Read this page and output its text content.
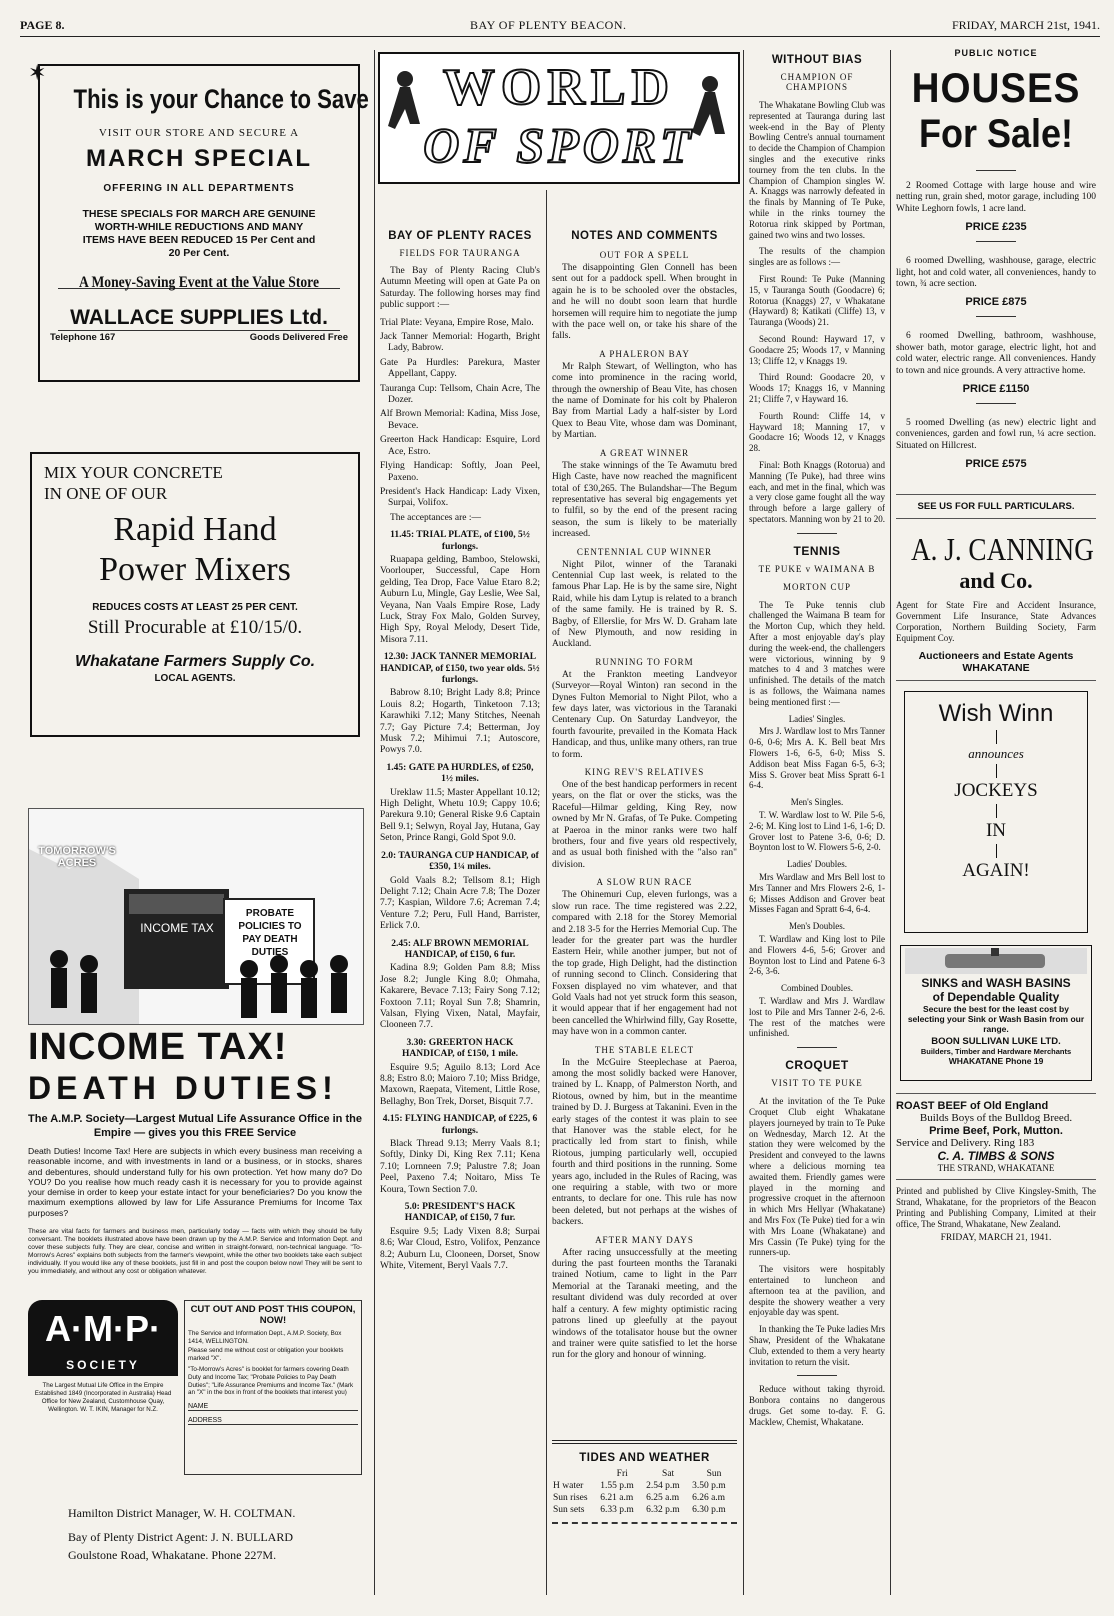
PAGE 8.	BAY OF PLENTY BEACON.	FRIDAY, MARCH 21st, 1941.
✶
This is your Chance to Save
VISIT OUR STORE AND SECURE A
MARCH SPECIAL
OFFERING IN ALL DEPARTMENTS
THESE SPECIALS FOR MARCH ARE GENUINE
WORTH-WHILE REDUCTIONS AND MANY
ITEMS HAVE BEEN REDUCED 15 Per Cent and
20 Per Cent.
A Money-Saving Event at the Value Store
WALLACE SUPPLIES Ltd.
Telephone 167	Goods Delivered Free
MIX YOUR CONCRETE
IN ONE OF OUR
Rapid Hand
Power Mixers
REDUCES COSTS AT LEAST 25 PER CENT.
Still Procurable at £10/15/0.
Whakatane Farmers Supply Co.
LOCAL AGENTS.
TOMORROW'S ACRES
INCOME TAX
PROBATE POLICIES TO PAY DEATH DUTIES
INCOME TAX!
DEATH DUTIES!
The A.M.P. Society—Largest Mutual Life Assurance Office in the Empire — gives you this FREE Service
Death Duties! Income Tax! Here are subjects in which every business man receiving a reasonable income, and with investments in land or a business, or in stocks, shares and debentures, should understand fully for his own protection. Yet how many do? Do YOU? Do you realise how much ready cash it is necessary for you to provide against your demise in order to keep your estate intact for your beneficiaries? Do you know the maximum exemptions allowed by law for Life Assurance Premiums for Income Tax purposes?
These are vital facts for farmers and business men, particularly today — facts with which they should be fully conversant. The booklets illustrated above have been drawn up by the A.M.P. Service and Information Dept. and cover these subjects fully. They are clear, concise and written in straight-forward, non-technical language. "To-Morrow's Acres" explains both subjects from the farmer's viewpoint, while the other two booklets take each subject individually. If you would like any of these booklets, just fill in and post the coupon below now! They will be sent to you immediately, and without any cost or obligation whatever.
A·M·P·
SOCIETY
The Largest Mutual Life Office in the Empire Established 1849 (Incorporated in Australia) Head Office for New Zealand, Customhouse Quay, Wellington. W. T. IKIN, Manager for N.Z.
CUT OUT AND POST THIS COUPON, NOW!
The Service and Information Dept., A.M.P. Society, Box 1414, WELLINGTON.
Please send me without cost or obligation your booklets marked "X".
"To-Morrow's Acres" is booklet for farmers covering Death Duty and Income Tax; "Probate Policies to Pay Death Duties"; "Life Assurance Premiums and Income Tax." (Mark an "X" in the box in front of the booklets that interest you)
NAME
ADDRESS
Hamilton District Manager, W. H. COLTMAN.
Bay of Plenty District Agent: J. N. BULLARD
Goulstone Road, Whakatane. Phone 227M.
WORLD
OF SPORT
BAY OF PLENTY RACES
FIELDS FOR TAURANGA

The Bay of Plenty Racing Club's Autumn Meeting will open at Gate Pa on Saturday. The following horses may find public support :—

Trial Plate: Veyana, Empire Rose, Malo.
Jack Tanner Memorial: Hogarth, Bright Lady, Babrow.
Gate Pa Hurdles: Parekura, Master Appellant, Cappy.
Tauranga Cup: Tellsom, Chain Acre, The Dozer.
Alf Brown Memorial: Kadina, Miss Jose, Bevace.
Greerton Hack Handicap: Esquire, Lord Ace, Estro.
Flying Handicap: Softly, Joan Peel, Paxeno.
President's Hack Handicap: Lady Vixen, Surpai, Volifox.

The acceptances are :—

11.45: TRIAL PLATE, of £100, 5½ furlongs.

Ruapapa gelding, Bamboo, Stelowski, Voorlouper, Successful, Cape Horn gelding, Tea Drop, Face Value Etaro 8.2; Auburn Lu, Mingle, Gay Leslie, Wee Sal, Veyana, Nan Vaals Empire Rose, Lady Luck, Stray Fox Malo, Golden Survey, High Spy, Royal Melody, Desert Tide, Misora 7.11.

12.30: JACK TANNER MEMORIAL HANDICAP, of £150, two year olds. 5½ furlongs.

Babrow 8.10; Bright Lady 8.8; Prince Louis 8.2; Hogarth, Tinketoon 7.13; Karawhiki 7.12; Many Stitches, Neenah 7.7; Gay Picture 7.4; Betterman, Joy Musk 7.2; Mihimui 7.1; Autoscore, Powys 7.0.

1.45: GATE PA HURDLES, of £250, 1½ miles.

Ureklaw 11.5; Master Appellant 10.12; High Delight, Whetu 10.9; Cappy 10.6; Parekura 9.10; General Riske 9.6 Captain Bell 9.1; Selwyn, Royal Jay, Hutana, Gay Seton, Prince Rangi, Gold Spot 9.0.

2.0: TAURANGA CUP HANDICAP, of £350, 1¼ miles.

Gold Vaals 8.2; Tellsom 8.1; High Delight 7.12; Chain Acre 7.8; The Dozer 7.7; Kaspian, Wildore 7.6; Acreman 7.4; Venture 7.2; Peru, Full Hand, Barrister, Erlick 7.0.

2.45: ALF BROWN MEMORIAL HANDICAP, of £150, 6 fur.

Kadina 8.9; Golden Pam 8.8; Miss Jose 8.2; Jungle King 8.0; Ohmaha, Kakarere, Bevace 7.13; Fairy Song 7.12; Foxtoon 7.11; Royal Sun 7.8; Shamrin, Valsan, Flying Vixen, Natal, Mayfair, Clooneen 7.7.

3.30: GREERTON HACK HANDICAP, of £150, 1 mile.

Esquire 9.5; Aguilo 8.13; Lord Ace 8.8; Estro 8.0; Maioro 7.10; Miss Bridge, Maxown, Raepata, Vitement, Little Rose, Bellaghy, Bon Trek, Dorset, Bisquit 7.7.

4.15: FLYING HANDICAP, of £225, 6 furlongs.

Black Thread 9.13; Merry Vaals 8.1; Softly, Dinky Di, King Rex 7.11; Kena 7.10; Lornneen 7.9; Palustre 7.8; Joan Peel, Paxeno 7.4; Noitaro, Miss Te Koura, Town Section 7.0.

5.0: PRESIDENT'S HACK HANDICAP, of £150, 7 fur.

Esquire 9.5; Lady Vixen 8.8; Surpai 8.6; War Cloud, Estro, Volifox, Penzance 8.2; Auburn Lu, Clooneen, Dorset, Snow White, Vitement, Beryl Vaals 7.7.

NOTES AND COMMENTS
OUT FOR A SPELL

The disappointing Glen Connell has been sent out for a paddock spell. When brought in again he is to be schooled over the obstacles, and he will no doubt soon learn that hurdle horsemen will require him to negotiate the jump with the pace well on, or take his share of the falls.

A PHALERON BAY

Mr Ralph Stewart, of Wellington, who has come into prominence in the racing world, through the ownership of Beau Vite, has chosen the name of Dominate for his colt by Phaleron Bay from Martial Lady a half-sister by Lord Quex to Beau Vite, whose dam was Dominant, by Martian.

A GREAT WINNER

The stake winnings of the Te Awamutu bred High Caste, have now reached the magnificent total of £30,265. The Bulandshar—The Begum representative has several big engagements yet to fulfil, so by the end of the present racing season, the sum is likely to be materially increased.

CENTENNIAL CUP WINNER

Night Pilot, winner of the Taranaki Centennial Cup last week, is related to the famous Phar Lap. He is by the same sire, Night Raid, while his dam Lytup is related to a branch of the same family. He is trained by R. S. Bagby, of Ellerslie, for Mrs W. D. Graham late of New Plymouth, and now residing in Auckland.

RUNNING TO FORM

At the Frankton meeting Landveyor (Surveyor—Royal Winton) ran second in the Dynes Fulton Memorial to Night Pilot, who a few days later, was victorious in the Taranaki Centenary Cup. On Saturday Landveyor, the fourth favourite, prevailed in the Komata Hack Handicap, and thus, unlike many others, ran true to form.

KING REV'S RELATIVES

One of the best handicap performers in recent years, on the flat or over the sticks, was the Raceful—Hilmar gelding, King Rey, now owned by Mr N. Grafas, of Te Puke. Competing at Paeroa in the minor ranks were two half brothers, four and five years old respectively, and as usual both finished with the "also ran" division.

A SLOW RUN RACE

The Ohinemuri Cup, eleven furlongs, was a slow run race. The time registered was 2.22, compared with 2.18 for the Storey Memorial and 2.18 3-5 for the Herries Memorial Cup. The leader for the greater part was the hurdler Eastern Heir, while another jumper, but not of the top grade, High Delight, had the distinction of running second to Clinch. Considering that Foxsen displayed no vim whatever, and that Gold Vaals had not yet struck form this season, it would appear that if her engagement had not been cancelled the Whirlwind filly, Gay Rosette, may have won in a common canter.

THE STABLE ELECT

In the McGuire Steeplechase at Paeroa, among the most solidly backed were Hanover, trained by L. Knapp, of Palmerston North, and Riotous, owned by him, but in the meantime trained by D. J. Burgess at Takanini. Even in the early stages of the contest it was plain to see that Hanover was the stable elect, for he practically led from start to finish, while Riotous, jumping particularly well, occupied fourth and third positions in the running. Some years ago, included in the Rules of Racing, was one requiring a stable, with two or more entrants, to declare for one. This rule has now been deleted, but not perhaps at the wishes of backers.

AFTER MANY DAYS

After racing unsuccessfully at the meeting during the past fourteen months the Taranaki trained Notium, came to light in the Parr Memorial at the Taranaki meeting, and the resultant dividend was duly recorded at over half a century. A few mighty optimistic racing patrons lined up gleefully at the payout windows of the totalisator house but the owner and trainer were quite satisfied to let the horse run for the glory and honour of winning.

TIDES AND WEATHER
	Fri	Sat	Sun
H water	1.55 p.m	2.54 p.m	3.50 p.m
Sun rises	6.21 a.m	6.25 a.m	6.26 a.m
Sun sets	6.33 p.m	6.32 p.m	6.30 p.m
WITHOUT BIAS
CHAMPION OF CHAMPIONS

The Whakatane Bowling Club was represented at Tauranga during last week-end in the Bay of Plenty Bowling Centre's annual tournament to decide the Champion of Champion singles and the executive rinks tourney from the ten clubs. In the Champion of Champion singles W. A. Knaggs was narrowly defeated in the finals by Manning of Te Puke, while in the rinks tourney the Rotorua rink skipped by Portman, gained two wins and two losses.

The results of the champion singles are as follows :—

First Round: Te Puke (Manning 15, v Tauranga South (Goodacre) 6; Rotorua (Knaggs) 27, v Whakatane (Hayward) 8; Katikati (Cliffe) 13, v Tauranga (Woods) 21.

Second Round: Hayward 17, v Goodacre 25; Woods 17, v Manning 13; Cliffe 12, v Knaggs 19.

Third Round: Goodacre 20, v Woods 17; Knaggs 16, v Manning 21; Cliffe 7, v Hayward 16.

Fourth Round: Cliffe 14, v Hayward 18; Manning 17, v Goodacre 16; Woods 12, v Knaggs 28.

Final: Both Knaggs (Rotorua) and Manning (Te Puke), had three wins each, and met in the final, which was a very close game fought all the way through before a large gallery of spectators. Manning won by 21 to 20.

TENNIS
TE PUKE v WAIMANA B
MORTON CUP

The Te Puke tennis club challenged the Waimana B team for the Morton Cup, which they held. After a most enjoyable day's play during the week-end, the challengers were victorious, winning by 9 matches to 4 and 3 matches were unfinished. The details of the match is as follows, the Waimana names being mentioned first :—

Ladies' Singles.

Mrs J. Wardlaw lost to Mrs Tanner 0-6, 0-6; Mrs A. K. Bell beat Mrs Flowers 1-6, 6-5, 6-0; Miss S. Addison beat Miss Fagan 6-5, 6-3; Miss S. Grover beat Miss Spratt 6-1 6-4.

Men's Singles.

T. W. Wardlaw lost to W. Pile 5-6, 2-6; M. King lost to Lind 1-6, 1-6; D. Grover lost to Patene 3-6, 0-6; D. Boynton lost to W. Flowers 5-6, 2-0.

Ladies' Doubles.

Mrs Wardlaw and Mrs Bell lost to Mrs Tanner and Mrs Flowers 2-6, 1-6; Misses Addison and Grover beat Misses Fagan and Spratt 6-4, 6-4.

Men's Doubles.

T. Wardlaw and King lost to Pile and Flowers 4-6, 5-6; Grover and Boynton lost to Lind and Patene 6-3 2-6, 3-6.

Combined Doubles.

T. Wardlaw and Mrs J. Wardlaw lost to Pile and Mrs Tanner 2-6, 2-6. The rest of the matches were unfinished.

CROQUET
VISIT TO TE PUKE

At the invitation of the Te Puke Croquet Club eight Whakatane players journeyed by train to Te Puke on Wednesday, March 12. At the station they were welcomed by the President and conveyed to the lawns where a delicious morning tea awaited them. Friendly games were played in the morning and progressive croquet in the afternoon in which Mrs Hellyar (Whakatane) and Mrs Fox (Te Puke) tied for a win with Mrs Loane (Whakatane) and Mrs Cassin (Te Puke) tying for the runners-up.

The visitors were hospitably entertained to luncheon and afternoon tea at the pavilion, and despite the showery weather a very enjoyable day was spent.

In thanking the Te Puke ladies Mrs Shaw, President of the Whakatane Club, extended to them a very hearty invitation to return the visit.

Reduce without taking thyroid. Bonbora contains no dangerous drugs. Get some to-day. F. G. Macklew, Chemist, Whakatane.

PUBLIC NOTICE
HOUSES
For Sale!

2 Roomed Cottage with large house and wire netting run, grain shed, motor garage, including 100 White Leghorn fowls, 1 acre land.

PRICE £235

6 roomed Dwelling, washhouse, garage, electric light, hot and cold water, all conveniences, handy to town, ¾ acre section.

PRICE £875

6 roomed Dwelling, bathroom, washhouse, shower bath, motor garage, electric light, hot and cold water, electric range. All conveniences. Handy to town and nice grounds. A very attractive home.

PRICE £1150

5 roomed Dwelling (as new) electric light and conveniences, garden and fowl run, ¼ acre section. Situated on Hillcrest.

PRICE £575
SEE US FOR FULL PARTICULARS.
A. J. CANNING
and Co.
Agent for State Fire and Accident Insurance, Government Life Insurance, State Advances Corporation, Northern Building Society, Farm Equipment Coy.
Auctioneers and Estate Agents
WHAKATANE
Wish Winn
announces
JOCKEYS
IN
AGAIN!
SINKS and WASH BASINS
of Dependable Quality
Secure the best for the least cost by selecting your Sink or Wash Basin from our range.
BOON SULLIVAN LUKE LTD.
Builders, Timber and Hardware Merchants
WHAKATANE Phone 19
ROAST BEEF of Old England
Builds Boys of the Bulldog Breed.
Prime Beef, Pork, Mutton.
Service and Delivery. Ring 183
C. A. TIMBS & SONS
THE STRAND, WHAKATANE
Printed and published by Clive Kingsley-Smith, The Strand, Whakatane, for the proprietors of the Beacon Printing and Publishing Company, Limited at their office, The Strand, Whakatane, New Zealand.
FRIDAY, MARCH 21, 1941.
